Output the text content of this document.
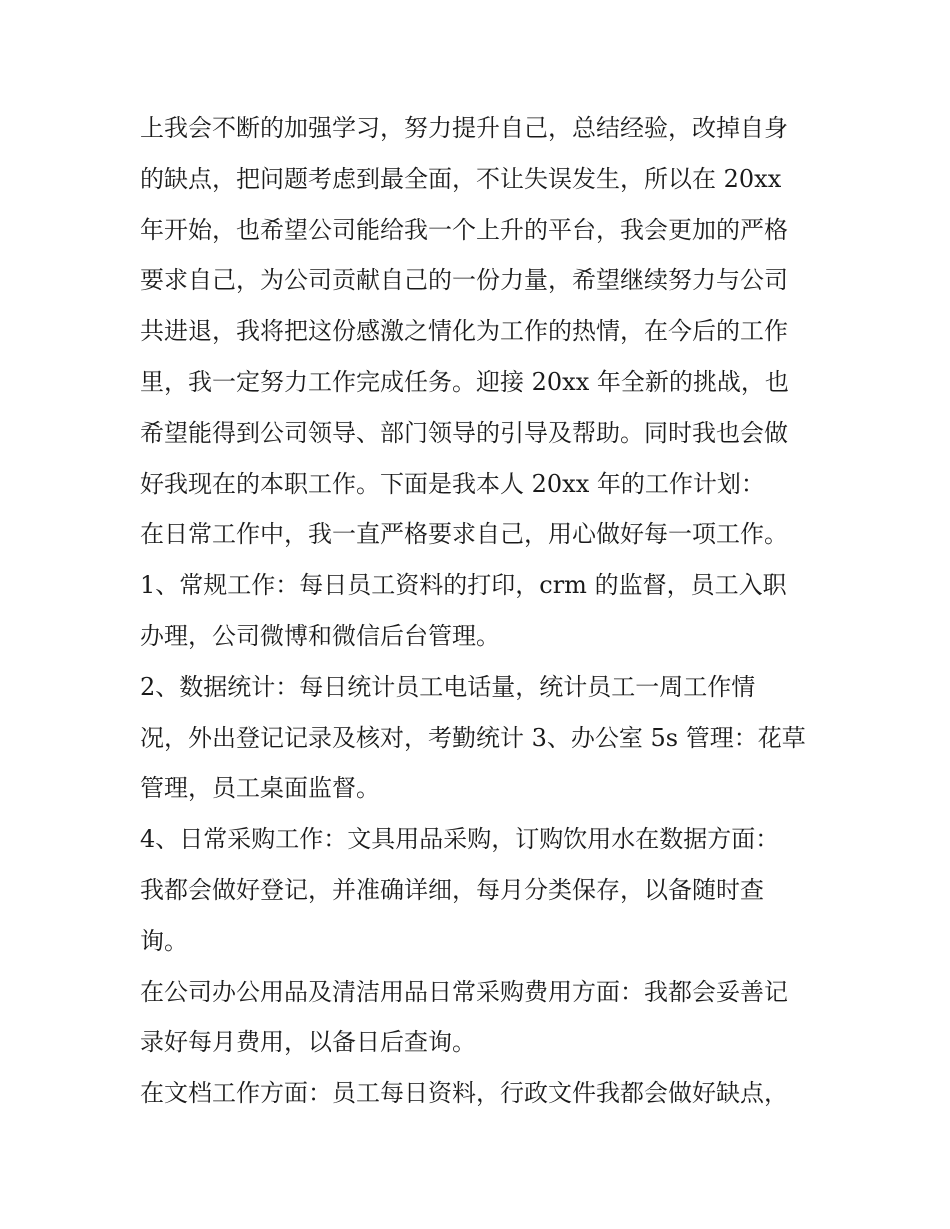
上我会不断的加强学习，努力提升自己，总结经验，改掉自身
的缺点，把问题考虑到最全面，不让失误发生，所以在 20xx
年开始，也希望公司能给我一个上升的平台，我会更加的严格
要求自己，为公司贡献自己的一份力量，希望继续努力与公司
共进退，我将把这份感激之情化为工作的热情，在今后的工作
里，我一定努力工作完成任务。迎接 20xx 年全新的挑战，也
希望能得到公司领导、部门领导的引导及帮助。同时我也会做
好我现在的本职工作。下面是我本人 20xx 年的工作计划：
在日常工作中，我一直严格要求自己，用心做好每一项工作。
1、常规工作：每日员工资料的打印，crm 的监督，员工入职
办理，公司微博和微信后台管理。
2、数据统计：每日统计员工电话量，统计员工一周工作情
况，外出登记记录及核对，考勤统计 3、办公室 5s 管理：花草
管理，员工桌面监督。
4、日常采购工作：文具用品采购，订购饮用水在数据方面：
我都会做好登记，并准确详细，每月分类保存，以备随时查
询。
在公司办公用品及清洁用品日常采购费用方面：我都会妥善记
录好每月费用，以备日后查询。
在文档工作方面：员工每日资料，行政文件我都会做好缺点，
